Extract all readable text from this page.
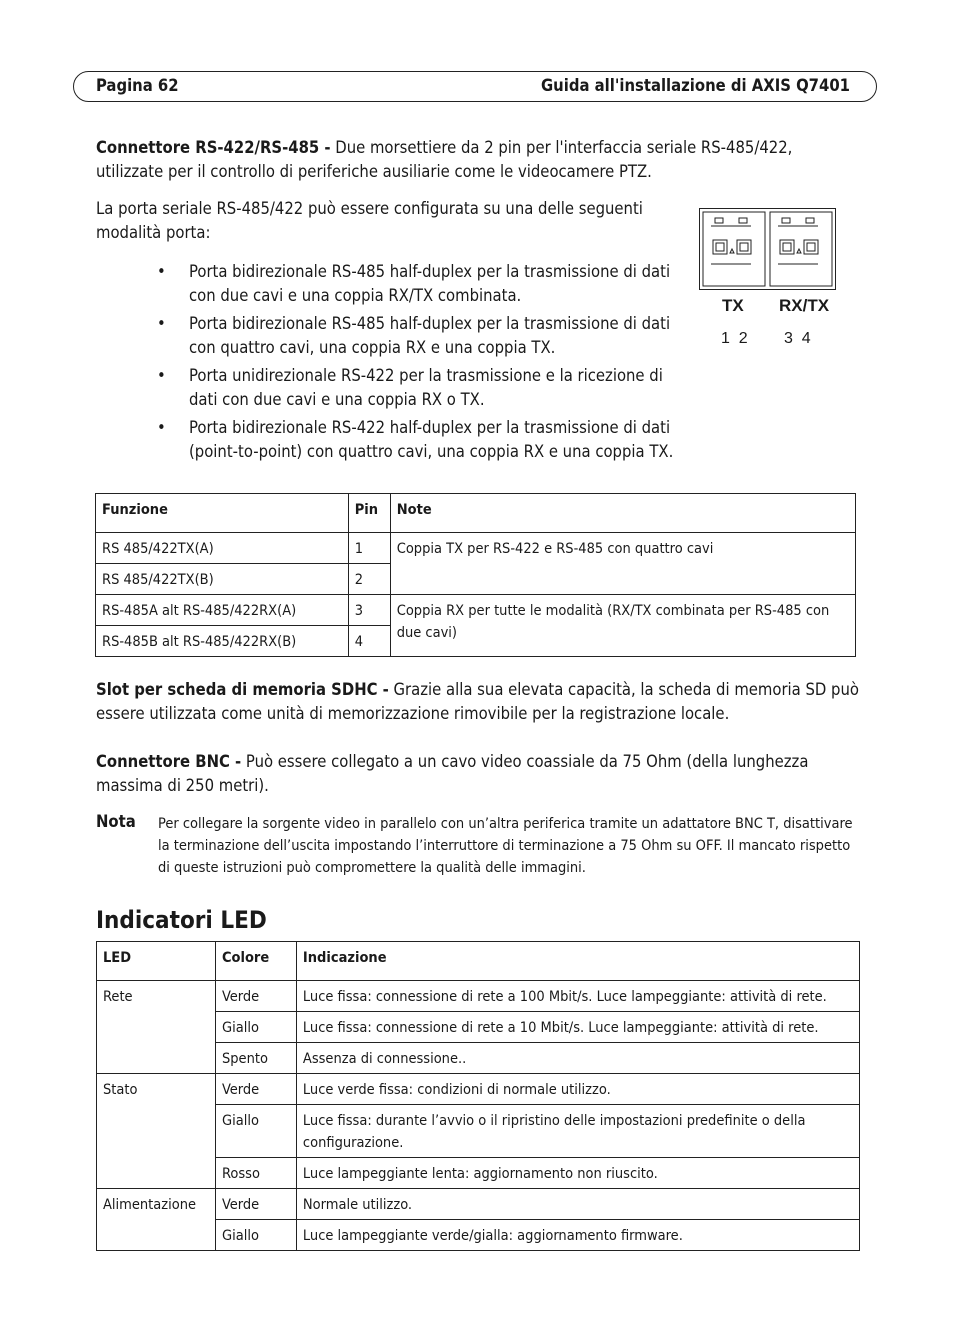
Pagina 62	Guida all'installazione di AXIS Q7401
Connettore RS-422/RS-485 - Due morsettiere da 2 pin per l'interfaccia seriale RS-485/422, utilizzate per il controllo di periferiche ausiliarie come le videocamere PTZ.
La porta seriale RS-485/422 può essere configurata su una delle seguenti modalità porta:
• Porta bidirezionale RS-485 half-duplex per la trasmissione di dati con due cavi e una coppia RX/TX combinata.
• Porta bidirezionale RS-485 half-duplex per la trasmissione di dati con quattro cavi, una coppia RX e una coppia TX.
• Porta unidirezionale RS-422 per la trasmissione e la ricezione di dati con due cavi e una coppia RX o TX.
• Porta bidirezionale RS-422 half-duplex per la trasmissione di dati (point-to-point) con quattro cavi, una coppia RX e una coppia TX.
TX RX/TX
1  2 3  4
Funzione	Pin	Note
RS 485/422TX(A)	1	Coppia TX per RS-422 e RS-485 con quattro cavi
RS 485/422TX(B)	2	
RS-485A alt RS-485/422RX(A)	3	Coppia RX per tutte le modalità (RX/TX combinata per RS-485 con due cavi)
RS-485B alt RS-485/422RX(B)	4	
Slot per scheda di memoria SDHC - Grazie alla sua elevata capacità, la scheda di memoria SD può essere utilizzata come unità di memorizzazione rimovibile per la registrazione locale.
Connettore BNC - Può essere collegato a un cavo video coassiale da 75 Ohm (della lunghezza massima di 250 metri).
Nota Per collegare la sorgente video in parallelo con un’altra periferica tramite un adattatore BNC T, disattivare la terminazione dell’uscita impostando l’interruttore di terminazione a 75 Ohm su OFF. Il mancato rispetto di queste istruzioni può compromettere la qualità delle immagini.
Indicatori LED
LED	Colore	Indicazione
Rete	Verde	Luce fissa: connessione di rete a 100 Mbit/s. Luce lampeggiante: attività di rete.
	Giallo	Luce fissa: connessione di rete a 10 Mbit/s. Luce lampeggiante: attività di rete.
	Spento	Assenza di connessione..
Stato	Verde	Luce verde fissa: condizioni di normale utilizzo.
	Giallo	Luce fissa: durante l’avvio o il ripristino delle impostazioni predefinite o della configurazione.
	Rosso	Luce lampeggiante lenta: aggiornamento non riuscito.
Alimentazione	Verde	Normale utilizzo.
	Giallo	Luce lampeggiante verde/gialla: aggiornamento firmware.
